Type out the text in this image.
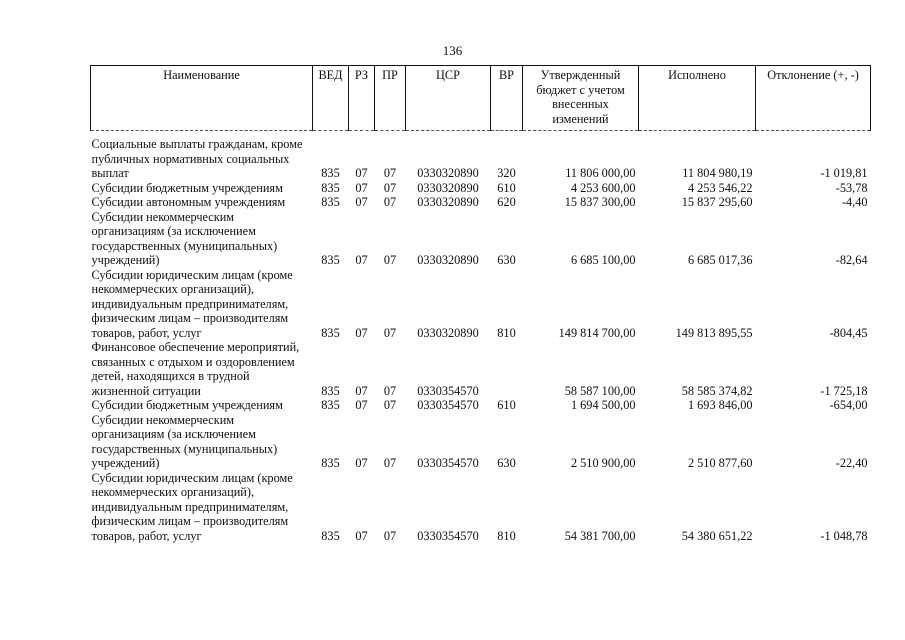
136
Наименование	ВЕД	РЗ	ПР	ЦСР	ВР	Утвержденный бюджет с учетом внесенных изменений	Исполнено	Отклонение (+, -)
Социальные выплаты гражданам, кроме публичных нормативных социальных выплат	835	07	07	0330320890	320	11 806 000,00	11 804 980,19	-1 019,81
Субсидии бюджетным учреждениям	835	07	07	0330320890	610	4 253 600,00	4 253 546,22	-53,78
Субсидии автономным учреждениям	835	07	07	0330320890	620	15 837 300,00	15 837 295,60	-4,40
Субсидии некоммерческим организациям (за исключением государственных (муниципальных) учреждений)	835	07	07	0330320890	630	6 685 100,00	6 685 017,36	-82,64
Субсидии юридическим лицам (кроме некоммерческих организаций), индивидуальным предпринимателям, физическим лицам – производителям товаров, работ, услуг	835	07	07	0330320890	810	149 814 700,00	149 813 895,55	-804,45
Финансовое обеспечение мероприятий, связанных с отдыхом и оздоровлением детей, находящихся в трудной жизненной ситуации	835	07	07	0330354570		58 587 100,00	58 585 374,82	-1 725,18
Субсидии бюджетным учреждениям	835	07	07	0330354570	610	1 694 500,00	1 693 846,00	-654,00
Субсидии некоммерческим организациям (за исключением государственных (муниципальных) учреждений)	835	07	07	0330354570	630	2 510 900,00	2 510 877,60	-22,40
Субсидии юридическим лицам (кроме некоммерческих организаций), индивидуальным предпринимателям, физическим лицам – производителям товаров, работ, услуг	835	07	07	0330354570	810	54 381 700,00	54 380 651,22	-1 048,78
